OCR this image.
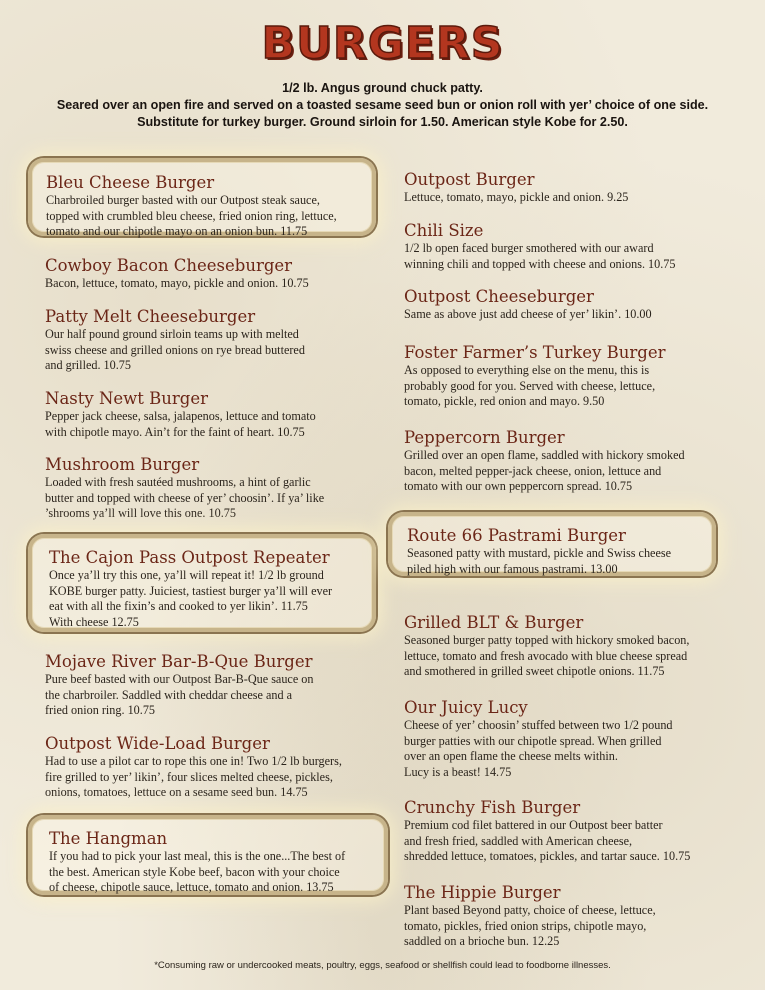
BURGERS
1/2 lb. Angus ground chuck patty.
Seared over an open fire and served on a toasted sesame seed bun or onion roll with yer’ choice of one side.
Substitute for turkey burger. Ground sirloin for 1.50. American style Kobe for 2.50.
Bleu Cheese Burger
Charbroiled burger basted with our Outpost steak sauce,
topped with crumbled bleu cheese, fried onion ring, lettuce,
tomato and our chipotle mayo on an onion bun. 11.75
Cowboy Bacon Cheeseburger
Bacon, lettuce, tomato, mayo, pickle and onion. 10.75
Patty Melt Cheeseburger
Our half pound ground sirloin teams up with melted
swiss cheese and grilled onions on rye bread buttered
and grilled. 10.75
Nasty Newt Burger
Pepper jack cheese, salsa, jalapenos, lettuce and tomato
with chipotle mayo. Ain’t for the faint of heart. 10.75
Mushroom Burger
Loaded with fresh sautéed mushrooms, a hint of garlic
butter and topped with cheese of yer’ choosin’. If ya’ like
’shrooms ya’ll will love this one. 10.75
The Cajon Pass Outpost Repeater
Once ya’ll try this one, ya’ll will repeat it! 1/2 lb ground
KOBE burger patty. Juiciest, tastiest burger ya’ll will ever
eat with all the fixin’s and cooked to yer likin’. 11.75
With cheese 12.75
Mojave River Bar-B-Que Burger
Pure beef basted with our Outpost Bar-B-Que sauce on
the charbroiler. Saddled with cheddar cheese and a
fried onion ring. 10.75
Outpost Wide-Load Burger
Had to use a pilot car to rope this one in! Two 1/2 lb burgers,
fire grilled to yer’ likin’, four slices melted cheese, pickles,
onions, tomatoes, lettuce on a sesame seed bun. 14.75
The Hangman
If you had to pick your last meal, this is the one...The best of
the best. American style Kobe beef, bacon with your choice
of cheese, chipotle sauce, lettuce, tomato and onion. 13.75
Outpost Burger
Lettuce, tomato, mayo, pickle and onion. 9.25
Chili Size
1/2 lb open faced burger smothered with our award
winning chili and topped with cheese and onions. 10.75
Outpost Cheeseburger
Same as above just add cheese of yer’ likin’. 10.00
Foster Farmer’s Turkey Burger
As opposed to everything else on the menu, this is
probably good for you. Served with cheese, lettuce,
tomato, pickle, red onion and mayo. 9.50
Peppercorn Burger
Grilled over an open flame, saddled with hickory smoked
bacon, melted pepper-jack cheese, onion, lettuce and
tomato with our own peppercorn spread. 10.75
Route 66 Pastrami Burger
Seasoned patty with mustard, pickle and Swiss cheese
piled high with our famous pastrami. 13.00
Grilled BLT & Burger
Seasoned burger patty topped with hickory smoked bacon,
lettuce, tomato and fresh avocado with blue cheese spread
and smothered in grilled sweet chipotle onions. 11.75
Our Juicy Lucy
Cheese of yer’ choosin’ stuffed between two 1/2 pound
burger patties with our chipotle spread. When grilled
over an open flame the cheese melts within.
Lucy is a beast! 14.75
Crunchy Fish Burger
Premium cod filet battered in our Outpost beer batter
and fresh fried, saddled with American cheese,
shredded lettuce, tomatoes, pickles, and tartar sauce. 10.75
The Hippie Burger
Plant based Beyond patty, choice of cheese, lettuce,
tomato, pickles, fried onion strips, chipotle mayo,
saddled on a brioche bun. 12.25
*Consuming raw or undercooked meats, poultry, eggs, seafood or shellfish could lead to foodborne illnesses.
